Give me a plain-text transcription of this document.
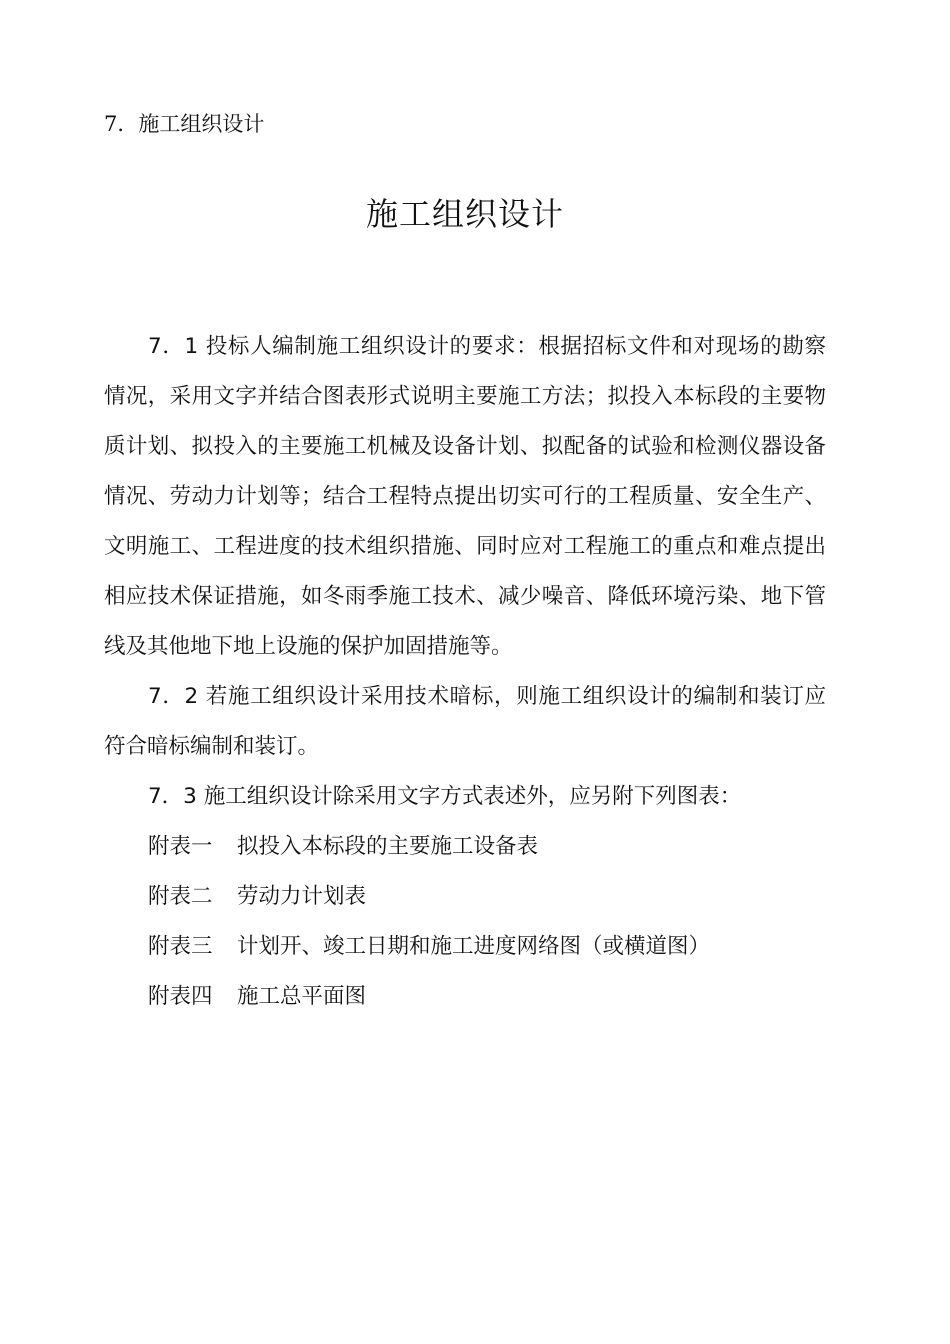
7．施工组织设计
施工组织设计

7．1 投标人编制施工组织设计的要求：根据招标文件和对现场的勘察情况，采用文字并结合图表形式说明主要施工方法；拟投入本标段的主要物质计划、拟投入的主要施工机械及设备计划、拟配备的试验和检测仪器设备情况、劳动力计划等；结合工程特点提出切实可行的工程质量、安全生产、文明施工、工程进度的技术组织措施、同时应对工程施工的重点和难点提出相应技术保证措施，如冬雨季施工技术、减少噪音、降低环境污染、地下管线及其他地下地上设施的保护加固措施等。

7．2 若施工组织设计采用技术暗标，则施工组织设计的编制和装订应符合暗标编制和装订。

7．3 施工组织设计除采用文字方式表述外，应另附下列图表：

附表一 拟投入本标段的主要施工设备表
附表二 劳动力计划表
附表三 计划开、竣工日期和施工进度网络图（或横道图）
附表四 施工总平面图
